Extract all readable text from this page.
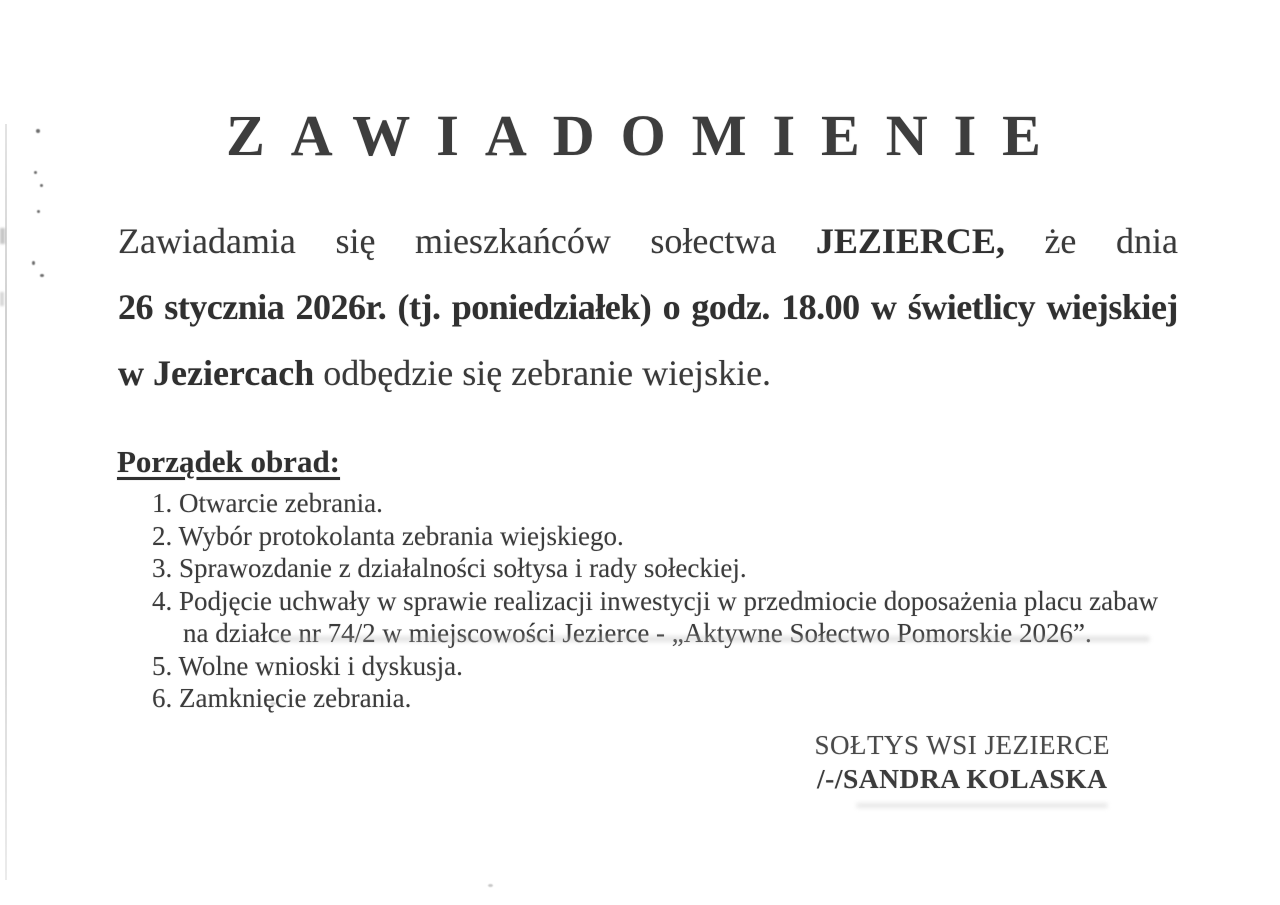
ZAWIADOMIENIE
Zawiadamia się mieszkańców sołectwa JEZIERCE, że dnia
26 stycznia 2026r. (tj. poniedziałek) o godz. 18.00 w świetlicy wiejskiej
w Jeziercach odbędzie się zebranie wiejskie.
Porządek obrad:
1. Otwarcie zebrania.
2. Wybór protokolanta zebrania wiejskiego.
3. Sprawozdanie z działalności sołtysa i rady sołeckiej.
4. Podjęcie uchwały w sprawie realizacji inwestycji w przedmiocie doposażenia placu zabaw na działce nr 74/2 w miejscowości Jezierce - „Aktywne Sołectwo Pomorskie 2026”.
5. Wolne wnioski i dyskusja.
6. Zamknięcie zebrania.
SOŁTYS WSI JEZIERCE
/-/SANDRA KOLASKA
